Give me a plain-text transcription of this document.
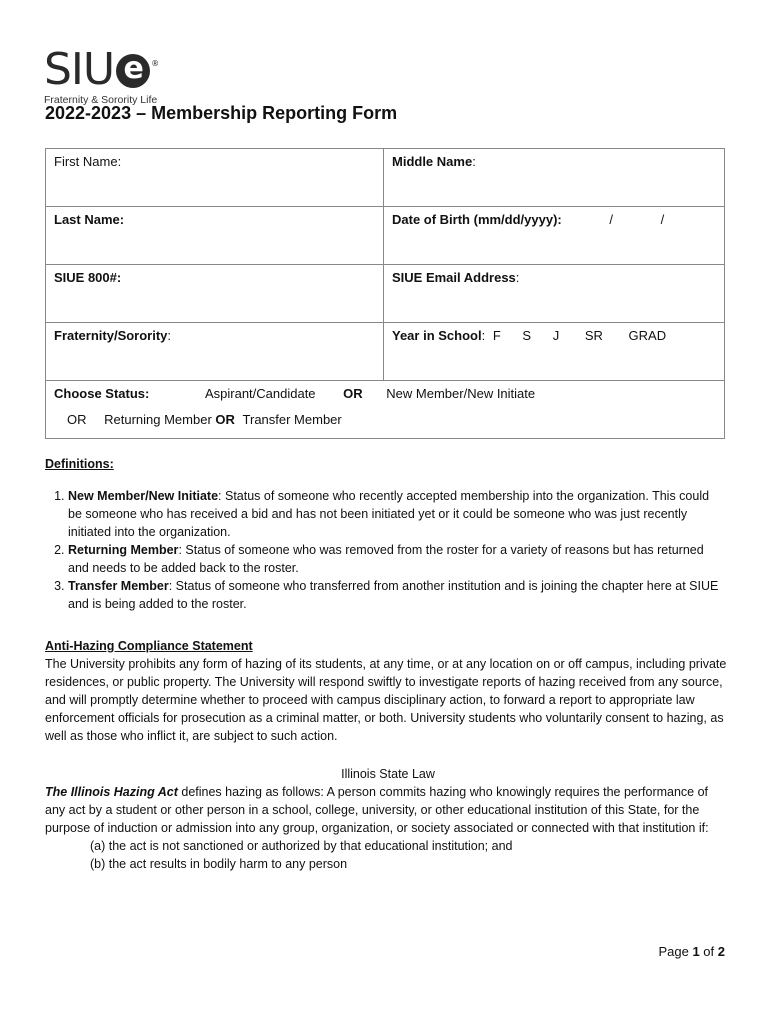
SIU e	®
Fraternity & Sorority Life
2022-2023 – Membership Reporting Form
First Name:	Middle Name:
Last Name:	Date of Birth (mm/dd/yyyy): / /
SIUE 800#:	SIUE Email Address:
Fraternity/Sorority:	Year in School: F S J SR GRAD

Choose Status: Aspirant/Candidate OR New Member/New Initiate
OR Returning Member OR Transfer Member	
Definitions:
1. New Member/New Initiate: Status of someone who recently accepted membership into the organization. This could be someone who has received a bid and has not been initiated yet or it could be someone who was just recently initiated into the organization.
2. Returning Member: Status of someone who was removed from the roster for a variety of reasons but has returned and needs to be added back to the roster.
3. Transfer Member: Status of someone who transferred from another institution and is joining the chapter here at SIUE and is being added to the roster.
Anti-Hazing Compliance Statement
The University prohibits any form of hazing of its students, at any time, or at any location on or off campus, including private residences, or public property. The University will respond swiftly to investigate reports of hazing received from any source, and will promptly determine whether to proceed with campus disciplinary action, to forward a report to appropriate law enforcement officials for prosecution as a criminal matter, or both. University students who voluntarily consent to hazing, as well as those who inflict it, are subject to such action.
Illinois State Law
The Illinois Hazing Act defines hazing as follows: A person commits hazing who knowingly requires the performance of any act by a student or other person in a school, college, university, or other educational institution of this State, for the purpose of induction or admission into any group, organization, or society associated or connected with that institution if:
(a) the act is not sanctioned or authorized by that educational institution; and
(b) the act results in bodily harm to any person
Page 1 of 2
